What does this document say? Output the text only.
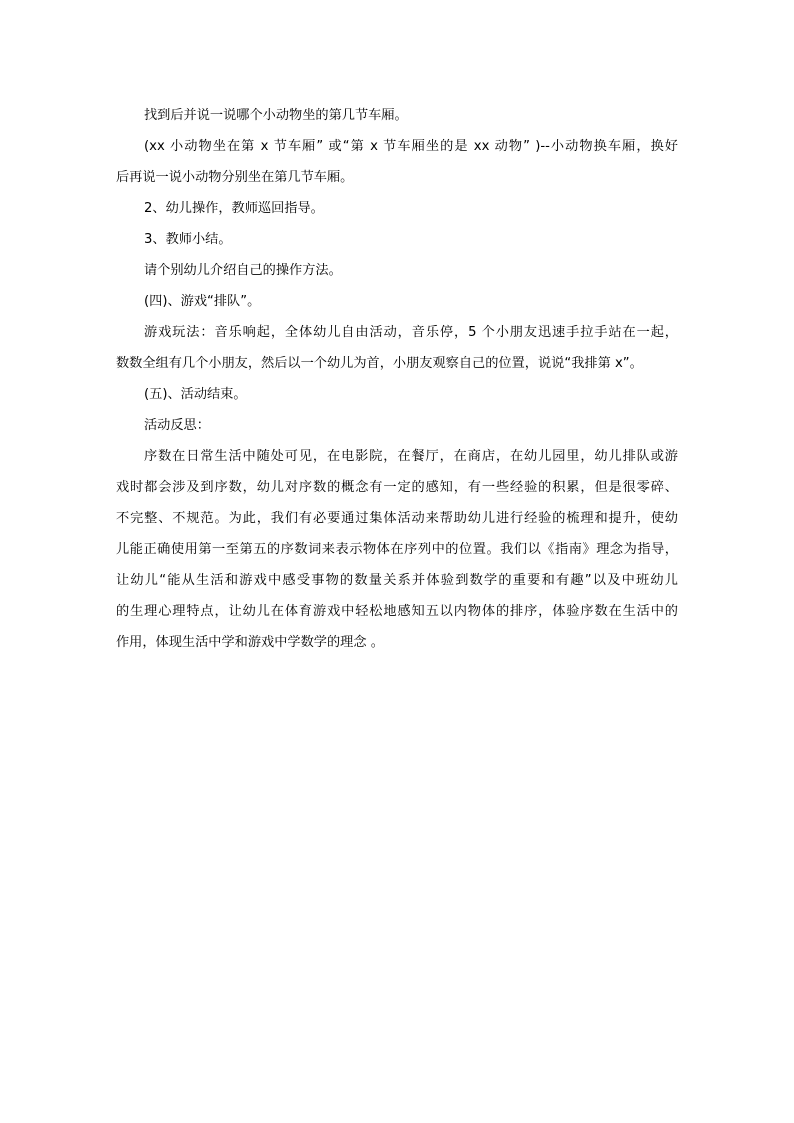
找到后并说一说哪个小动物坐的第几节车厢。
(xx 小动物坐在第 x 节车厢” 或“第 x 节车厢坐的是 xx 动物” )--小动物换车厢，换好
后再说一说小动物分别坐在第几节车厢。
2、幼儿操作，教师巡回指导。
3、教师小结。
请个别幼儿介绍自己的操作方法。
(四)、游戏“排队”。
游戏玩法：音乐响起，全体幼儿自由活动，音乐停，5 个小朋友迅速手拉手站在一起，
数数全组有几个小朋友，然后以一个幼儿为首，小朋友观察自己的位置，说说“我排第 x”。
(五)、活动结束。
活动反思：
序数在日常生活中随处可见，在电影院，在餐厅，在商店，在幼儿园里，幼儿排队或游
戏时都会涉及到序数，幼儿对序数的概念有一定的感知，有一些经验的积累，但是很零碎、
不完整、不规范。为此，我们有必要通过集体活动来帮助幼儿进行经验的梳理和提升，使幼
儿能正确使用第一至第五的序数词来表示物体在序列中的位置。我们以《指南》理念为指导，
让幼儿“能从生活和游戏中感受事物的数量关系并体验到数学的重要和有趣”以及中班幼儿
的生理心理特点，让幼儿在体育游戏中轻松地感知五以内物体的排序，体验序数在生活中的
作用，体现生活中学和游戏中学数学的理念 。
